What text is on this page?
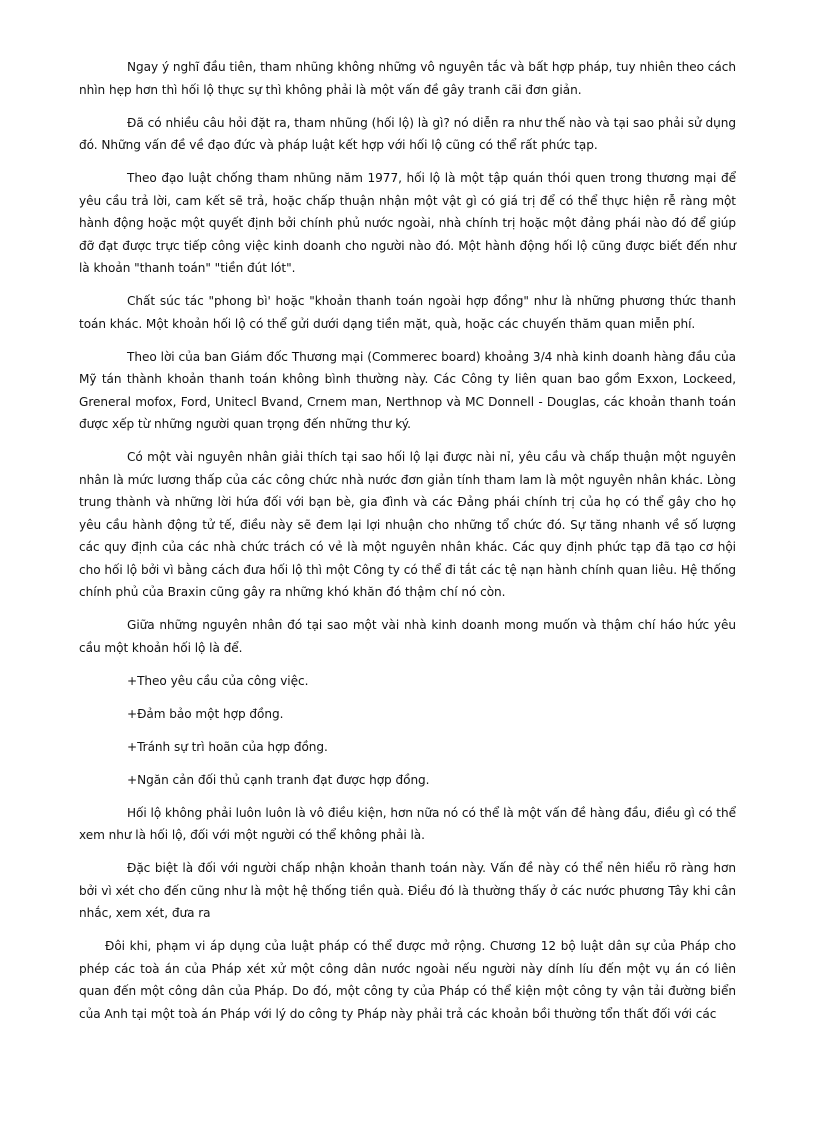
Ngay ý nghĩ đầu tiên, tham nhũng không những vô nguyên tắc và bất hợp pháp, tuy nhiên theo cách nhìn hẹp hơn thì hối lộ thực sự thì không phải là một vấn đề gây tranh cãi đơn giản.

Đã có nhiều câu hỏi đặt ra, tham nhũng (hối lộ) là gì? nó diễn ra như thế nào và tại sao phải sử dụng đó. Những vấn đề về đạo đức và pháp luật kết hợp với hối lộ cũng có thể rất phức tạp.

Theo đạo luật chống tham nhũng năm 1977, hối lộ là một tập quán thói quen trong thương mại để yêu cầu trả lời, cam kết sẽ trả, hoặc chấp thuận nhận một vật gì có giá trị để có thể thực hiện rễ ràng một hành động hoặc một quyết định bởi chính phủ nước ngoài, nhà chính trị hoặc một đảng phái nào đó để giúp đỡ đạt được trực tiếp công việc kinh doanh cho người nào đó. Một hành động hối lộ cũng được biết đến như là khoản "thanh toán" "tiền đút lót".

Chất súc tác "phong bì' hoặc "khoản thanh toán ngoài hợp đồng" như là những phương thức thanh toán khác. Một khoản hối lộ có thể gửi dưới dạng tiền mặt, quà, hoặc các chuyến thăm quan miễn phí.

Theo lời của ban Giám đốc Thương mại (Commerec board) khoảng 3/4 nhà kinh doanh hàng đầu của Mỹ tán thành khoản thanh toán không bình thường này. Các Công ty liên quan bao gồm Exxon, Lockeed, Greneral mofox, Ford, Unitecl Bvand, Crnem man, Nerthnop và MC Donnell - Douglas, các khoản thanh toán được xếp từ những người quan trọng đến những thư ký.

Có một vài nguyên nhân giải thích tại sao hối lộ lại được nài nỉ, yêu cầu và chấp thuận một nguyên nhân là mức lương thấp của các công chức nhà nước đơn giản tính tham lam là một nguyên nhân khác. Lòng trung thành và những lời hứa đối với bạn bè, gia đình và các Đảng phái chính trị của họ có thể gây cho họ yêu cầu hành động tử tế, điều này sẽ đem lại lợi nhuận cho những tổ chức đó. Sự tăng nhanh về số lượng các quy định của các nhà chức trách có vẻ là một nguyên nhân khác. Các quy định phức tạp đã tạo cơ hội cho hối lộ bởi vì bằng cách đưa hối lộ thì một Công ty có thể đi tắt các tệ nạn hành chính quan liêu. Hệ thống chính phủ của Braxin cũng gây ra những khó khăn đó thậm chí nó còn.

Giữa những nguyên nhân đó tại sao một vài nhà kinh doanh mong muốn và thậm chí háo hức yêu cầu một khoản hối lộ là để.

+Theo yêu cầu của công việc.
+Đảm bảo một hợp đồng.
+Tránh sự trì hoãn của hợp đồng.
+Ngăn cản đối thủ cạnh tranh đạt được hợp đồng.

Hối lộ không phải luôn luôn là vô điều kiện, hơn nữa nó có thể là một vấn đề hàng đầu, điều gì có thể xem như là hối lộ, đối với một người có thể không phải là.

Đặc biệt là đối với người chấp nhận khoản thanh toán này. Vấn đề này có thể nên hiểu rõ ràng hơn bởi vì xét cho đến cũng như là một hệ thống tiền quà. Điều đó là thường thấy ở các nước phương Tây khi cân nhắc, xem xét, đưa ra

Đôi khi, phạm vi áp dụng của luật pháp có thể được mở rộng. Chương 12 bộ luật dân sự của Pháp cho phép các toà án của Pháp xét xử một công dân nước ngoài nếu người này dính líu đến một vụ án có liên quan đến một công dân của Pháp. Do đó, một công ty của Pháp có thể kiện một công ty vận tải đường biển của Anh tại một toà án Pháp với lý do công ty Pháp này phải trả các khoản bồi thường tổn thất đối với các
